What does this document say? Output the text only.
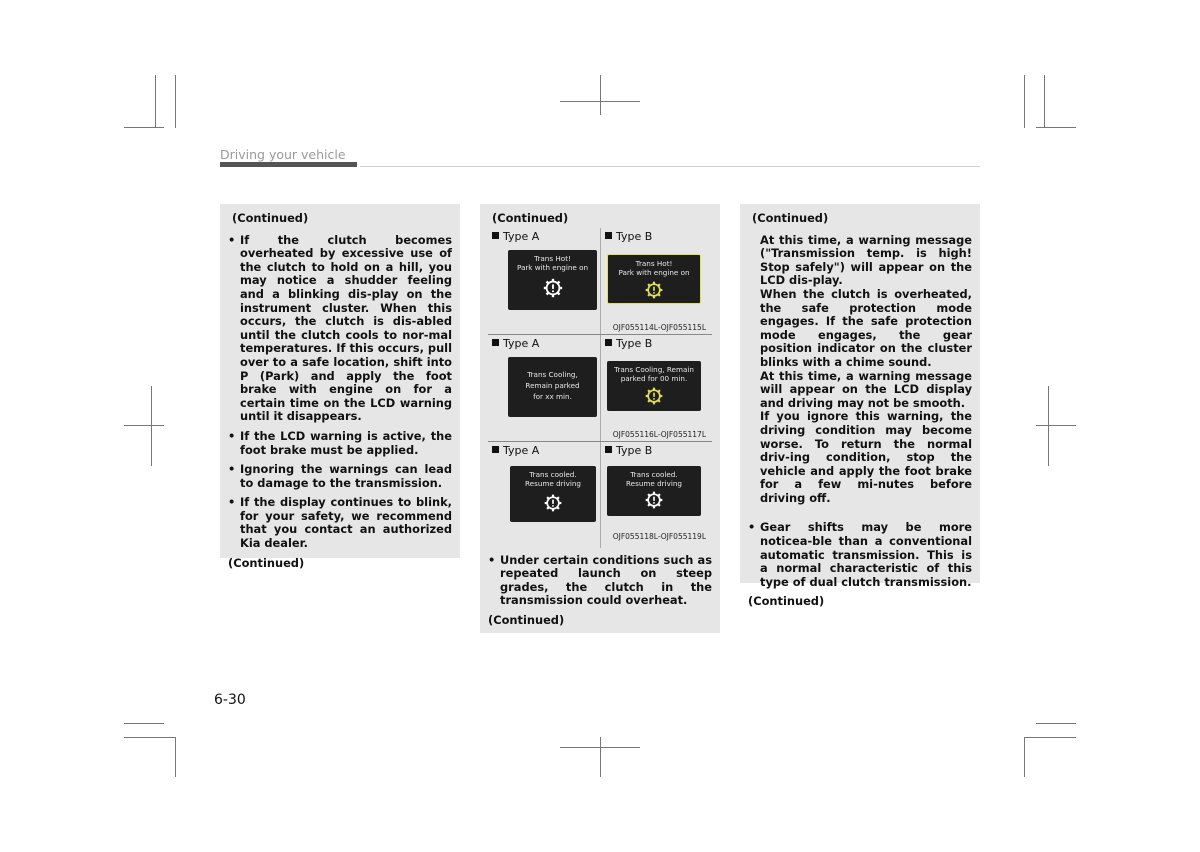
Driving your vehicle
(Continued)
• If the clutch becomes overheated by excessive use of the clutch to hold on a hill, you may notice a shudder feeling and a blinking dis-play on the instrument cluster. When this occurs, the clutch is dis-abled until the clutch cools to nor-mal temperatures. If this occurs, pull over to a safe location, shift into P (Park) and apply the foot brake with engine on for a certain time on the LCD warning until it disappears.
• If the LCD warning is active, the foot brake must be applied.
• Ignoring the warnings can lead to damage to the transmission.
• If the display continues to blink, for your safety, we recommend that you contact an authorized Kia dealer.
(Continued)
(Continued)
Type A
Trans Hot!
Park with engine on
Type B
Trans Hot!
Park with engine on
OJF055114L-OJF055115L
Type A
Trans Cooling,
Remain parked
for xx min.
Type B
Trans Cooling, Remain
parked for 00 min.
OJF055116L-OJF055117L
Type A
Trans cooled.
Resume driving
Type B
Trans cooled.
Resume driving
OJF055118L-OJF055119L
• Under certain conditions such as repeated launch on steep grades, the clutch in the transmission could overheat.
(Continued)
(Continued)

At this time, a warning message ("Transmission temp. is high! Stop safely") will appear on the LCD dis-play.

When the clutch is overheated, the safe protection mode engages. If the safe protection mode engages, the gear position indicator on the cluster blinks with a chime sound.

At this time, a warning message will appear on the LCD display and driving may not be smooth.

If you ignore this warning, the driving condition may become worse. To return the normal driv-ing condition, stop the vehicle and apply the foot brake for a few mi-nutes before driving off.

• Gear shifts may be more noticea-ble than a conventional automatic transmission. This is a normal characteristic of this type of dual clutch transmission.
(Continued)
6-30
